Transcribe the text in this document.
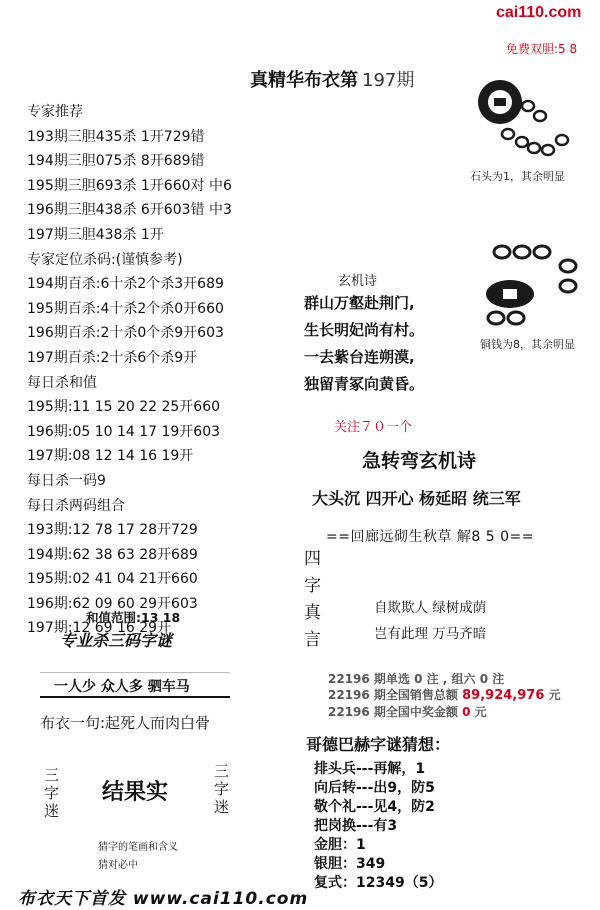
cai110.com
免费双胆:5 8
真精华布衣第 197期
专家推荐
193期三胆435杀 1开729错
194期三胆075杀 8开689错
195期三胆693杀 1开660对 中6
196期三胆438杀 6开603错 中3
197期三胆438杀 1开
专家定位杀码:(谨慎参考)
194期百杀:6十杀2个杀3开689
195期百杀:4十杀2个杀0开660
196期百杀:2十杀0个杀9开603
197期百杀:2十杀6个杀9开
每日杀和值
195期:11 15 20 22 25开660
196期:05 10 14 17 19开603
197期:08 12 14 16 19开
每日杀一码9
每日杀两码组合
193期:12 78 17 28开729
194期:62 38 63 28开689
195期:02 41 04 21开660
196期:62 09 60 29开603
197期:12 69 16 29开
和值范围:13 18
专业杀三码字谜
一人少 众人多 驷车马
布衣一句:起死人而肉白骨
三字迷
结果实
三字迷
猜字的笔画和含义
猜对必中
石头为1，其余明显
铜钱为8，其余明显
玄机诗
群山万壑赴荆门,
生长明妃尚有村。
一去紫台连朔漠,
独留青冢向黄昏。
关注７０一个
急转弯玄机诗
大头沉 四开心 杨延昭 统三军
==回廊远砌生秋草 解8 5 0==
四字真言
自欺欺人 绿树成荫
岂有此理 万马齐暗
22196 期单选 0 注 , 组六 0 注
22196 期全国销售总额 89,924,976 元
22196 期全国中奖金额 0 元
哥德巴赫字谜猜想：
排头兵---再解，1
向后转---出9，防5
敬个礼---见4，防2
把岗换---有3
金胆：1
银胆：349
复式：12349（5）
布衣天下首发 www.cai110.com
